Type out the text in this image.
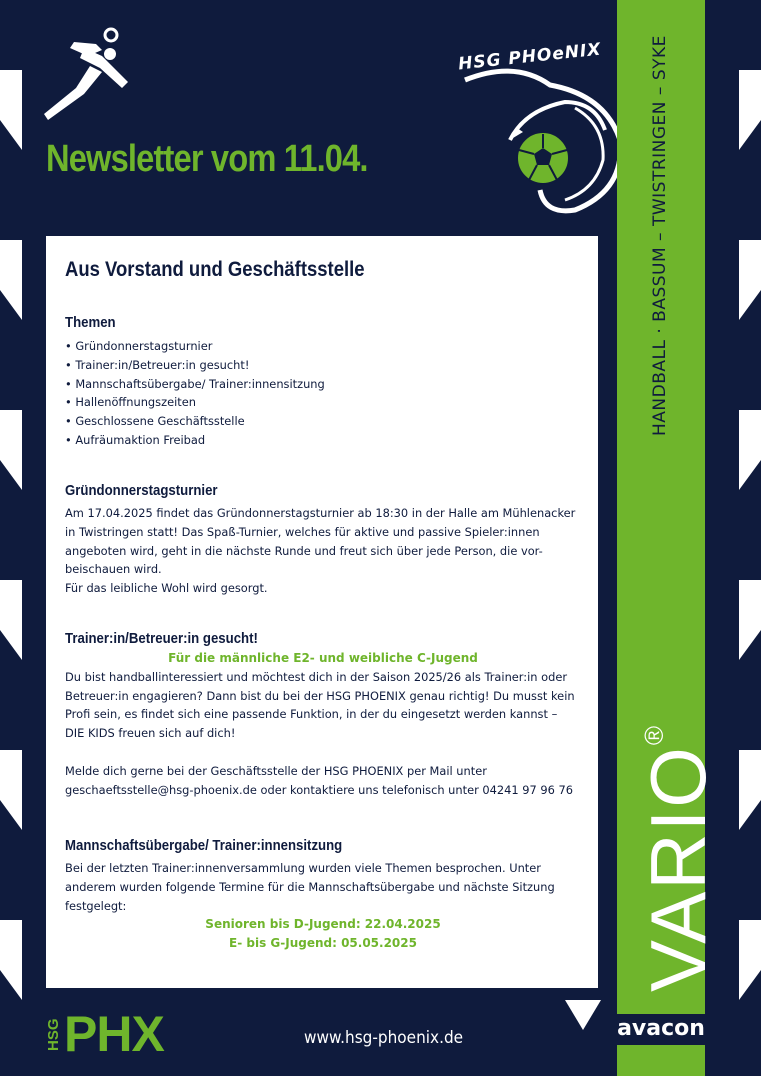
Newsletter vom 11.04.
HSG PHOeNIX	HANDBALL · BASSUM – TWISTRINGEN – SYKE
VARIO®
avacon
Aus Vorstand und Geschäftsstelle
Themen
• Gründonnerstagsturnier
• Trainer:in/Betreuer:in gesucht!
• Mannschaftsübergabe/ Trainer:innensitzung
• Hallenöffnungszeiten
• Geschlossene Geschäftsstelle
• Aufräumaktion Freibad
Gründonnerstagsturnier
Am 17.04.2025 findet das Gründonnerstagsturnier ab 18:30 in der Halle am Mühlenacker
in Twistringen statt! Das Spaß-Turnier, welches für aktive und passive Spieler:innen
angeboten wird, geht in die nächste Runde und freut sich über jede Person, die vor-
beischauen wird.
Für das leibliche Wohl wird gesorgt.
Trainer:in/Betreuer:in gesucht!
Für die männliche E2- und weibliche C-Jugend
Du bist handballinteressiert und möchtest dich in der Saison 2025/26 als Trainer:in oder
Betreuer:in engagieren? Dann bist du bei der HSG PHOENIX genau richtig! Du musst kein
Profi sein, es findet sich eine passende Funktion, in der du eingesetzt werden kannst –
DIE KIDS freuen sich auf dich!
Melde dich gerne bei der Geschäftsstelle der HSG PHOENIX per Mail unter
geschaeftsstelle@hsg-phoenix.de oder kontaktiere uns telefonisch unter 04241 97 96 76
Mannschaftsübergabe/ Trainer:innensitzung
Bei der letzten Trainer:innenversammlung wurden viele Themen besprochen. Unter
anderem wurden folgende Termine für die Mannschaftsübergabe und nächste Sitzung
festgelegt:
Senioren bis D-Jugend: 22.04.2025
E- bis G-Jugend: 05.05.2025
HSG PHX	www.hsg-phoenix.de
